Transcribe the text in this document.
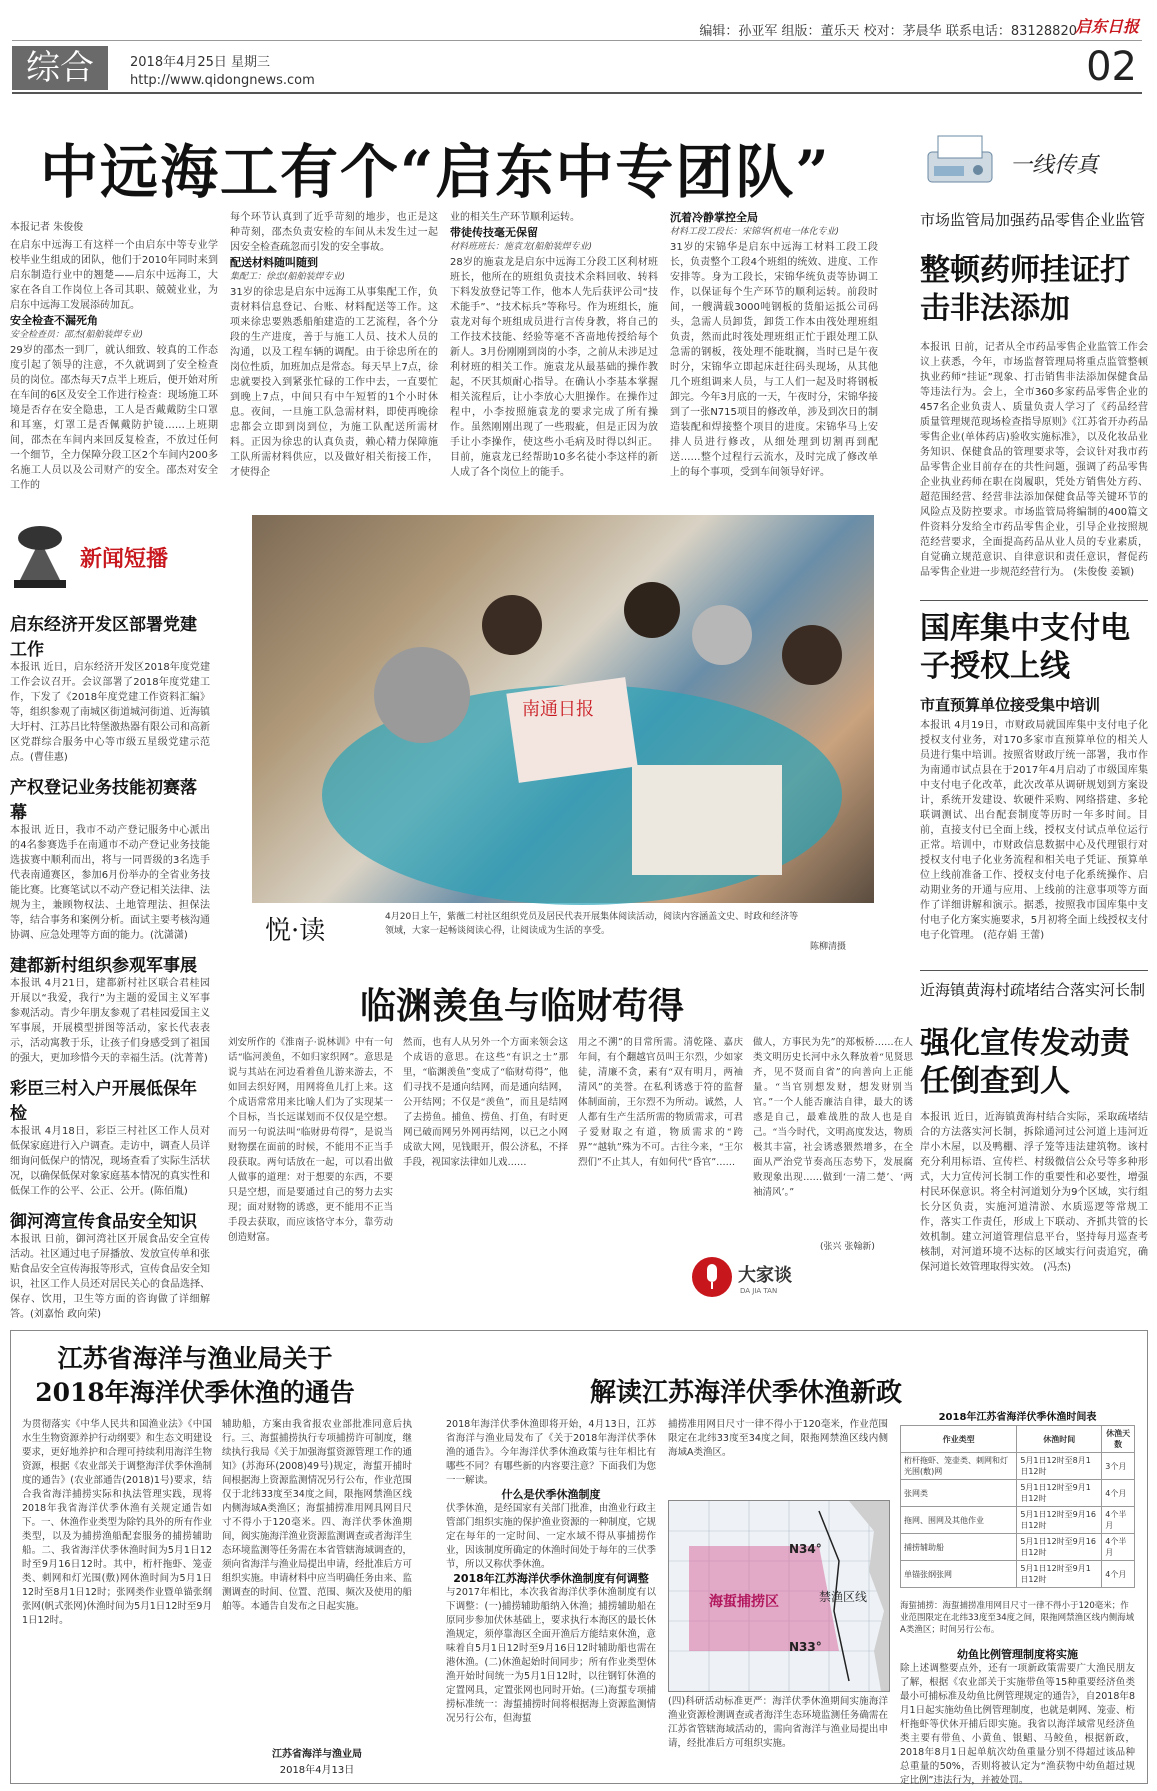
编辑：孙亚军 组版：董乐天 校对：茅晨华 联系电话：83128820
启东日报
综合	2018年4月25日 星期三
http://www.qidongnews.com	02
中远海工有个“启东中专团队”
本报记者 朱俊俊
在启东中远海工有这样一个由启东中等专业学校毕业生组成的团队，他们于2010年同时来到启东制造行业中的翘楚——启东中远海工，大家在各自工作岗位上各司其职、兢兢业业，为启东中远海工发展添砖加瓦。
安全检查不漏死角
安全检查员：邵杰(船舶装焊专业)
29岁的邵杰一到厂，就认细致、较真的工作态度引起了领导的注意，不久就调到了安全检查员的岗位。邵杰每天7点半上班后，便开始对所在车间的6区及安全工作进行检查：现场施工环境是否存在安全隐患，工人是否戴戴防尘口罩和耳塞，灯罩工是否佩戴防护镜……上班期间，邵杰在车间内来回反复检查，不放过任何一个细节，全力保障分段工区2个车间内200多名施工人员以及公司财产的安全。邵杰对安全工作的
每个环节认真到了近乎苛刻的地步，也正是这种苛刻，邵杰负责安检的车间从未发生过一起因安全检查疏忽而引发的安全事故。
配送材料随叫随到
集配工：徐忠(船舶装焊专业)
31岁的徐忠是启东中远海工从事集配工作，负责材料信息登记、台账、材料配送等工作。这项来徐忠要熟悉船舶建造的工艺流程，各个分段的生产进度，善于与施工人员、技术人员的沟通，以及工程车辆的调配。由于徐忠所在的岗位性质，加班加点是常态。每天早上7点，徐忠就要投入到紧张忙碌的工作中去，一直要忙到晚上7点，中间只有中午短暂的1个小时休息。夜间，一旦施工队急需材料，即使再晚徐忠都会立即到岗到位，为施工队配送所需材料。正因为徐忠的认真负责，赖心精力保障施工队所需材料供应，以及做好相关衔接工作，才使得企
业的相关生产环节顺利运转。
带徒传技毫无保留
材料班班长：施袁龙(船舶装焊专业)
28岁的施袁龙是启东中远海工分段工区利材班班长，他所在的班组负责技术余料回收、转料下料发放登记等工作，他本人先后获评公司“技术能手”、“技术标兵”等称号。作为班组长，施袁龙对每个班组成员进行言传身教，将自己的工作技术技能、经验等毫不吝啬地传授给每个新人。3月份刚刚到岗的小李，之前从未涉足过利材班的相关工作。施袁龙从最基础的操作教起，不厌其烦耐心指导。在确认小李基本掌握相关流程后，让小李放心大胆操作。在操作过程中，小李按照施袁龙的要求完成了所有操作。虽然刚刚出现了一些瑕疵，但是正因为放手让小李操作，使这些小毛病及时得以纠正。目前，施袁龙已经帮助10多名徒小李这样的新人成了各个岗位上的能手。
沉着冷静掌控全局
材料工段工段长：宋锦华(机电一体化专业)
31岁的宋锦华是启东中远海工材料工段工段长，负责整个工段4个班组的统效、进度、工作安排等。身为工段长，宋锦华统负责等协调工作，以保证每个生产环节的顺利运转。前段时间，一艘满载3000吨钢板的货船运抵公司码头，急需人员卸货，卸货工作本由筏处理班组负责，然而此时筏处理班组正忙于跟处理工队急需的钢板，筏处理不能耽搁，当时已是午夜时分，宋锦华立即起床赶往码头现场，从其他几个班组调来人员，与工人们一起及时将钢板卸完。今年3月底的一天，午夜时分，宋锦华接到了一张N715项目的修改单，涉及到次日的制造装配和焊接整个项目的进度。宋锦华马上安排人员进行修改，从细处理到切割再到配送……整个过程行云流水，及时完成了修改单上的每个事项，受到车间领导好评。
一线传真
市场监管局加强药品零售企业监管
整顿药师挂证打击非法添加
本报讯 日前，记者从全市药品零售企业监管工作会议上获悉，今年，市场监督管理局将重点监管整顿执业药师“挂证”现象、打击销售非法添加保健食品等违法行为。会上，全市360多家药品零售企业的457名企业负责人、质量负责人学习了《药品经营质量管理规范现场检查指导原则》《江苏省开办药品零售企业(单体药店)验收实施标准》，以及化妆品业务知识、保健食品的管理要求等，会议针对我市药品零售企业目前存在的共性问题，强调了药品零售企业执业药师在职在岗履职，凭处方销售处方药、超范围经营、经营非法添加保健食品等关键环节的风险点及防控要求。市场监管局将编制的400篇文件资料分发给全市药品零售企业，引导企业按照规范经营要求，全面提高药品从业人员的专业素质，自觉确立规范意识、自律意识和责任意识，督促药品零售企业进一步规范经营行为。 (朱俊俊 姜颖)
国库集中支付电子授权上线
市直预算单位接受集中培训
本报讯 4月19日，市财政局就国库集中支付电子化授权支付业务，对170多家市直预算单位的相关人员进行集中培训。按照省财政厅统一部署，我市作为南通市试点县在于2017年4月启动了市级国库集中支付电子化改革，此次改革从调研规划到方案设计，系统开发建设、软硬件采购、网络搭建、多轮联调测试、出台配套制度等历时一年多时间。目前，直接支付已全面上线，授权支付试点单位运行正常。培训中，市财政信息数据中心及代理银行对授权支付电子化业务流程和相关电子凭证、预算单位上线前准备工作、授权支付电子化系统操作、启动期业务的开通与应用、上线前的注意事项等方面作了详细讲解和演示。据悉，按照我市国库集中支付电子化方案实施要求，5月初将全面上线授权支付电子化管理。 (范存娟 王蕾)
近海镇黄海村疏堵结合落实河长制
强化宣传发动责任倒查到人
本报讯 近日，近海镇黄海村结合实际，采取疏堵结合的方法落实河长制，拆除通河过公河道上违河近岸小木屋，以及鸭棚、浮子笼等违法建筑物。该村充分利用标语、宣传栏、村级微信公众号等多种形式，大力宣传河长制工作的重要性和必要性，增强村民环保意识。将全村河道划分为9个区域，实行组长分区负责，实施河道清淤、水质巡逻等常规工作，落实工作责任，形成上下联动、齐抓共管的长效机制。建立河道管理信息平台，坚持每月巡查考核制，对河道环境不达标的区域实行问责追究，确保河道长效管理取得实效。 (冯杰)
新闻短播
启东经济开发区部署党建工作
本报讯 近日，启东经济开发区2018年度党建工作会议召开。会议部署了2018年度党建工作，下发了《2018年度党建工作资料汇编》等，组织参观了南城区街道城河街道、近海镇大圩村、江苏吕比特堡激热器有限公司和高新区党群综合服务中心等市级五星级党建示范点。(曹佳惠)
产权登记业务技能初赛落幕
本报讯 近日，我市不动产登记服务中心派出的4名参赛选手在南通市不动产登记业务技能选拔赛中顺利而出，将与一同晋级的3名选手代表南通赛区，参加6月份举办的全省业务技能比赛。比赛笔试以不动产登记相关法律、法规为主，兼顾物权法、土地管理法、担保法等，结合事务和案例分析。面试主要考核沟通协调、应急处理等方面的能力。(沈潇潇)
建都新村组织参观军事展
本报讯 4月21日，建都新村社区联合君桂园开展以“我爱，我行”为主题的爱国主义军事参观活动。青少年朋友参观了君桂园爱国主义军事展，开展模型拼图等活动，家长代表表示，活动寓教于乐，让孩子们身感受到了祖国的强大，更加珍惜今天的幸福生活。(沈菁菁)
彩臣三村入户开展低保年检
本报讯 4月18日，彩臣三村社区工作人员对低保家庭进行入户调查。走访中，调查人员详细询问低保户的情况，现场查看了实际生活状况，以确保低保对象家庭基本情况的真实性和低保工作的公平、公正、公开。(陈佰胤)
御河湾宣传食品安全知识
本报讯 日前，御河湾社区开展食品安全宣传活动。社区通过电子屏播放、发放宣传单和张贴食品安全宣传海报等形式，宣传食品安全知识，社区工作人员还对居民关心的食品选择、保存、饮用，卫生等方面的咨询做了详细解答。(刘嘉怡 政向荣)
南通日报
悦·读	4月20日上午，紫薇二村社区组织党员及居民代表开展集体阅读活动，阅读内容涵盖文史、时政和经济等领域，大家一起畅谈阅读心得，让阅读成为生活的享受。
陈柳清摄
临渊羡鱼与临财苟得
刘安所作的《淮南子·说林训》中有一句话“临河羡鱼，不如归家织网”。意思是说与其站在河边看着鱼儿游来游去，不如回去织好网，用网将鱼儿打上来。这个成语常常用来比喻人们为了实现某一个目标，当长远谋划而不仅仅是空想。而另一句说法叫“临财毋苟得”，是说当财物摆在面前的时候，不能用不正当手段获取。两句话放在一起，可以看出做人做事的道理：对于想要的东西，不要只是空想，而是要通过自己的努力去实现；面对财物的诱惑，更不能用不正当手段去获取，而应该恪守本分，靠劳动创造财富。
然而，也有人从另外一个方面来领会这个成语的意思。在这些“有识之士”那里，“临渊羡鱼”变成了“临财苟得”，他们寻找不是通向结网，而是通向结网，公开结网；不仅是“羡鱼”，而且是结网了去捞鱼。捕鱼、捞鱼、打鱼，有时更网已破而网另外网再结网，以已之小网成欲大网，见钱眼开，假公济私，不择手段，视国家法律如儿戏……
用之不溯”的目常所需。清乾隆、嘉庆年间，有个翻越官员叫王尔烈，少如家徒，清廉不贪，素有“双有明月，两袖清风”的美誉。在私利诱惑于符的监督体制面前，王尔烈不为所动。诚然，人人都有生产生活所需的物质需求，可君子爱财取之有道，物质需求的“跨界”“越轨”殊为不可。古往今来，“王尔烈们”不止其人，有如何代“昏官”……
做人，方事民为先”的郑板桥……在人类文明历史长河中永久释放着“见贤思齐，见不贤而自省”的向善向上正能量。“当官别想发财，想发财别当官。”一个人能否廉洁自律，最大的诱惑是自己，最难战胜的敌人也是自己。“当今时代，文明高度发达，物质极其丰富，社会诱惑猥然增多，在全面从严治党节奏高压态势下，发展腐败现象出现……做到‘一清二楚’、‘两袖清风’。”
(张兴 张翰新)
大家谈
DA JIA TAN
江苏省海洋与渔业局关于2018年海洋伏季休渔的通告
为贯彻落实《中华人民共和国渔业法》《中国水生生物资源养护行动纲要》和生态文明建设要求，更好地养护和合理可持续利用海洋生物资源，根据《农业部关于调整海洋伏季休渔制度的通告》(农业部通告(2018)1号)要求，结合我省海洋捕捞实际和执法管理实践，现将2018年我省海洋伏季休渔有关规定通告如下。一、休渔作业类型为除钓具外的所有作业类型，以及为捕捞渔船配套服务的捕捞辅助船。二、我省海洋伏季休渔时间为5月1日12时至9月16日12时。其中，桁杆拖虾、笼壶类、刺网和灯光围(敷)网休渔时间为5月1日12时至8月1日12时；张网类作业暨单锚张纲张网(帆式张网)休渔时间为5月1日12时至9月1日12时。
辅助船，方案由我省报农业部批准同意后执行。三、海蜇捕捞执行专项捕捞许可制度，继续执行我局《关于加强海蜇资源管理工作的通知》(苏海环(2008)49号)规定，海蜇开捕时间根据海上资源监测情况另行公布，作业范围仅于北纬33度至34度之间，限拖网禁渔区线内侧海域A类渔区；海蜇捕捞准用网具网目尺寸不得小于120毫米。四、海洋伏季休渔期间，阀实施海洋渔业资源监测调查或者海洋生态环境监测等任务需在本省管辖海域调查的，须向省海洋与渔业局提出申请，经批准后方可组织实施。申请材料中应当明确任务由来、监测调查的时间、位置、范围、频次及使用的船舶等。本通告自发布之日起实施。
江苏省海洋与渔业局
2018年4月13日
解读江苏海洋伏季休渔新政
2018年海洋伏季休渔即将开始，4月13日，江苏省海洋与渔业局发布了《关于2018年海洋伏季休渔的通告》。今年海洋伏季休渔政策与往年相比有哪些不同？有哪些新的内容要注意？下面我们为您一一解读。
什么是伏季休渔制度
伏季休渔，是经国家有关部门批准，由渔业行政主管部门组织实施的保护渔业资源的一种制度，它规定在每年的一定时间、一定水域不得从事捕捞作业，因该制度所确定的休渔时间处于每年的三伏季节，所以又称伏季休渔。
2018年江苏海洋伏季休渔制度有何调整
与2017年相比，本次我省海洋伏季休渔制度有以下调整：(一)捕捞辅助船纳入休渔；捕捞辅助船在原同步参加伏休基础上，要求执行本海区的最长休渔规定，须停靠海区全面开渔后方能结束休渔，意味着自5月1日12时至9月16日12时辅助船也需在港休渔。(二)休渔起始时间同步；所有作业类型休渔开始时间统一为5月1日12时，以往钢钉休渔的定置网具，定置张网也同时开始。(三)海蜇专项捕捞标准统一：海蜇捕捞时间将根据海上资源监测情况另行公布，但海蜇
捕捞准用网目尺寸一律不得小于120毫米，作业范围限定在北纬33度至34度之间，限拖网禁渔区线内侧海域A类渔区。
N34°
N33°
海蜇捕捞区	禁渔区线
(四)科研活动标准更严：海洋伏季休渔期间实施海洋渔业资源检测调查或者海洋生态环境监测任务确需在江苏省管辖海域活动的，需向省海洋与渔业局提出申请，经批准后方可组织实施。
2018年江苏省海洋伏季休渔时间表
作业类型	休渔时间	休渔天数
桁杆拖虾、笼壶类、刺网和灯光围(敷)网	5月1日12时至8月1日12时	3个月
张网类	5月1日12时至9月1日12时	4个月
拖网、围网及其他作业	5月1日12时至9月16日12时	4个半月
捕捞辅助船	5月1日12时至9月16日12时	4个半月
单锚张纲张网	5月1日12时至9月1日12时	4个月
海蜇捕捞：海蜇捕捞准用网目尺寸一律不得小于120毫米；作业范围限定在北纬33度至34度之间，限拖网禁渔区线内侧海域A类渔区；时间另行公布。
幼鱼比例管理制度将实施
除上述调整要点外，还有一项新政策需要广大渔民朋友了解，根据《农业部关于实施带鱼等15种重要经济鱼类最小可捕标准及幼鱼比例管理规定的通告》，自2018年8月1日起实施幼鱼比例管理制度，也就是刺网、笼壶、桁杆拖虾等伏休开捕后即实施。我省以海洋域常见经济鱼类主要有带鱼、小黄鱼、银鲳、马鲛鱼，根据新政，2018年8月1日起单航次幼鱼重量分别不得超过该品种总重量的50%，否则将被认定为“渔获物中幼鱼超过规定比例”违法行为，并被处罚。
